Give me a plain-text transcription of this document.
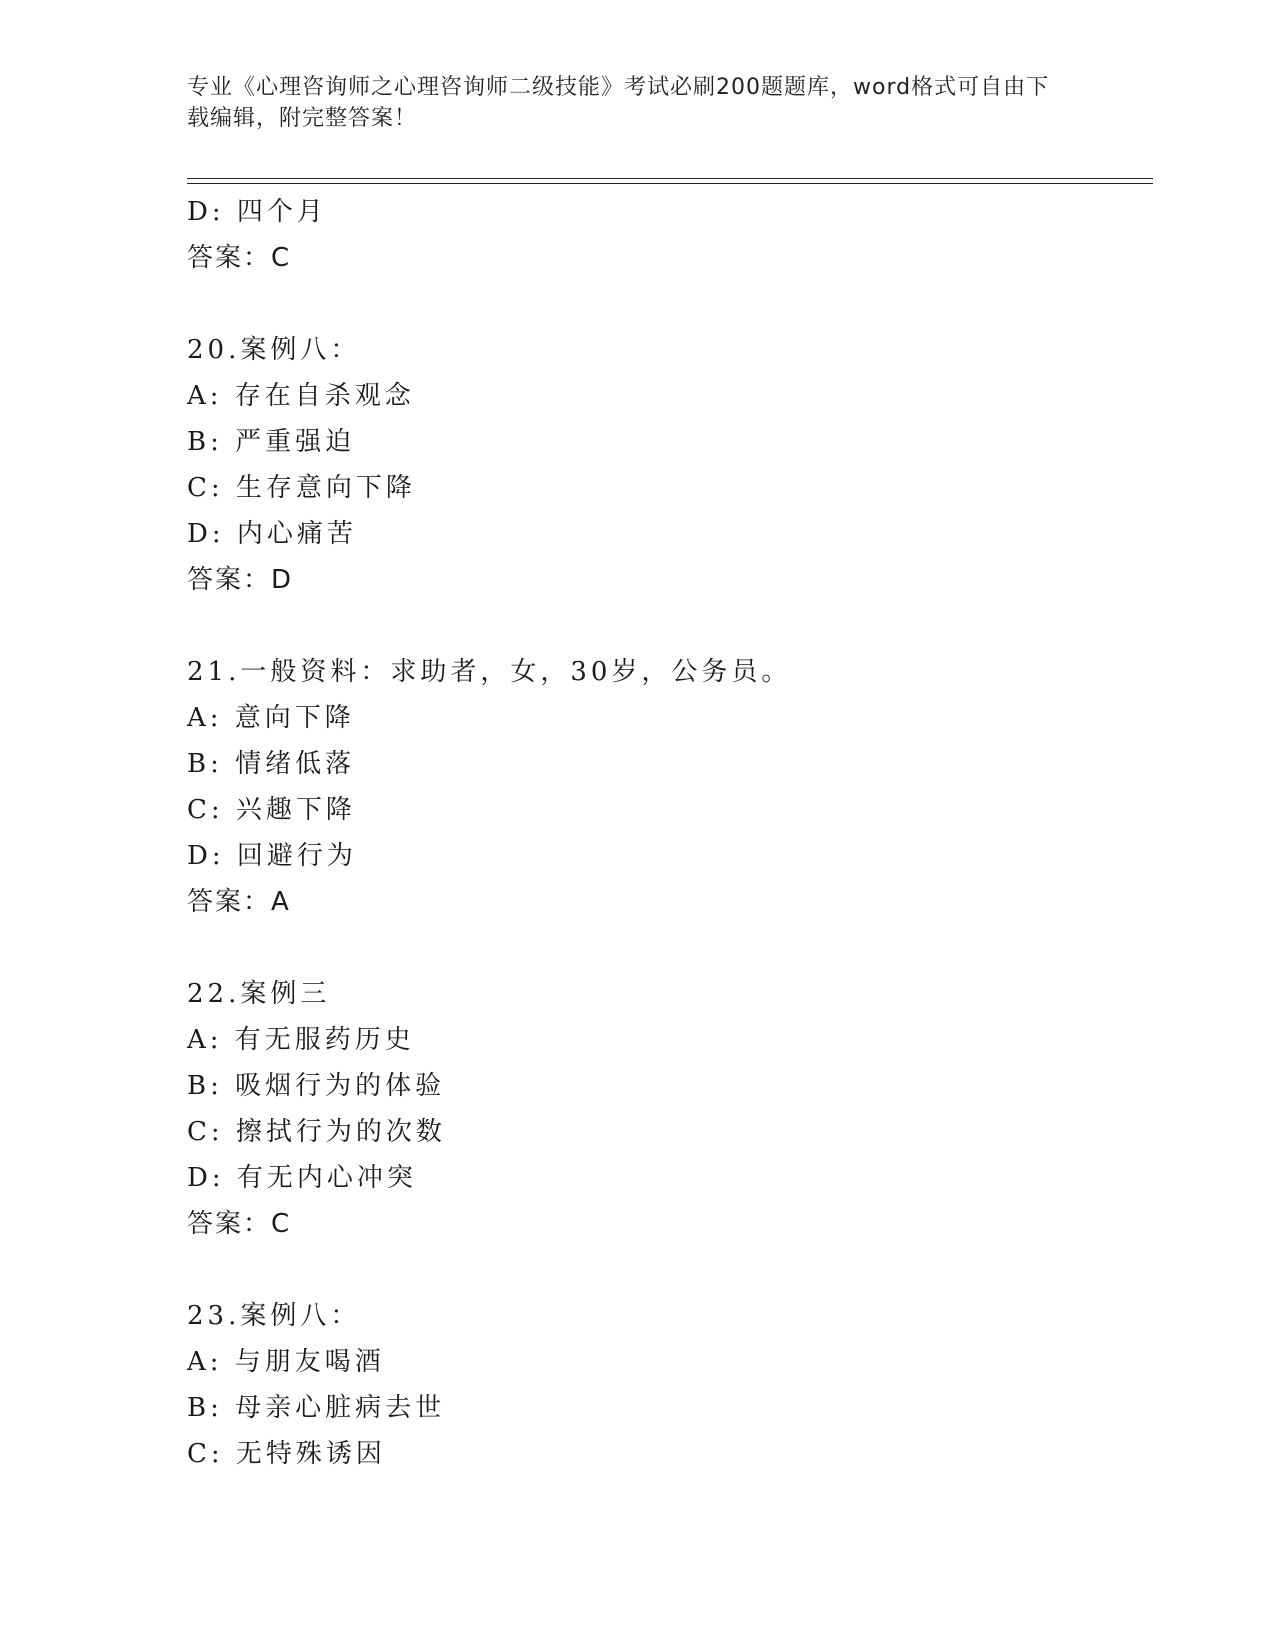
专业《心理咨询师之心理咨询师二级技能》考试必刷200题题库，word格式可自由下载编辑，附完整答案！
D: 四个月
答案：C
20.案例八：
A: 存在自杀观念
B: 严重强迫
C: 生存意向下降
D: 内心痛苦
答案：D
21.一般资料：求助者，女，30岁，公务员。
A: 意向下降
B: 情绪低落
C: 兴趣下降
D: 回避行为
答案：A
22.案例三
A: 有无服药历史
B: 吸烟行为的体验
C: 擦拭行为的次数
D: 有无内心冲突
答案：C
23.案例八：
A: 与朋友喝酒
B: 母亲心脏病去世
C: 无特殊诱因
